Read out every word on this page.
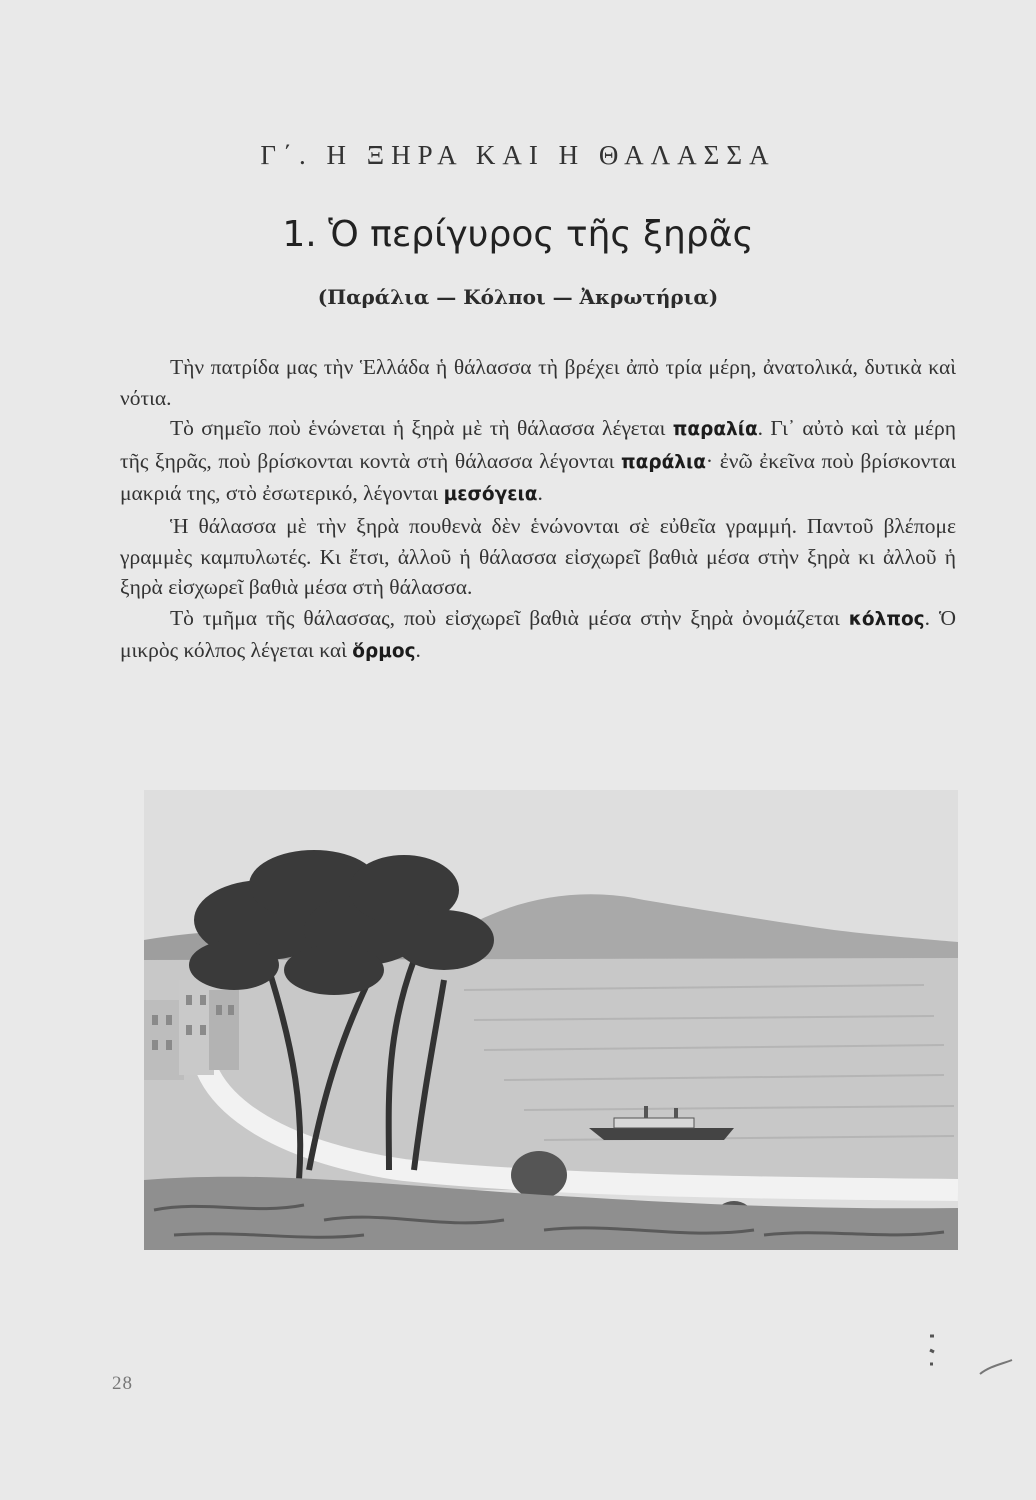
Γ΄. Η ΞΗΡΑ ΚΑΙ Η ΘΑΛΑΣΣΑ
1. Ὁ περίγυρος τῆς ξηρᾶς
(Παράλια — Κόλποι — Ἀκρωτήρια)

Τὴν πατρίδα μας τὴν Ἑλλάδα ἡ θάλασσα τὴ βρέχει ἀπὸ τρία μέρη, ἀνατολικά, δυτικὰ καὶ νότια.

Τὸ σημεῖο ποὺ ἑνώνεται ἡ ξηρὰ μὲ τὴ θάλασσα λέγεται παραλία. Γι᾿ αὐτὸ καὶ τὰ μέρη τῆς ξηρᾶς, ποὺ βρίσκονται κοντὰ στὴ θάλασσα λέγονται παράλια· ἐνῶ ἐκεῖνα ποὺ βρίσκονται μακριά της, στὸ ἐσωτερικό, λέγονται μεσόγεια.

Ἡ θάλασσα μὲ τὴν ξηρὰ πουθενὰ δὲν ἑνώνονται σὲ εὐθεῖα γραμμή. Παντοῦ βλέπομε γραμμὲς καμπυλωτές. Κι ἔτσι, ἀλλοῦ ἡ θάλασσα εἰσχωρεῖ βαθιὰ μέσα στὴν ξηρὰ κι ἀλλοῦ ἡ ξηρὰ εἰσχωρεῖ βαθιὰ μέσα στὴ θάλασσα.

Τὸ τμῆμα τῆς θάλασσας, ποὺ εἰσχωρεῖ βαθιὰ μέσα στὴν ξηρὰ ὀνομάζεται κόλπος. Ὁ μικρὸς κόλπος λέγεται καὶ ὅρμος.

28
